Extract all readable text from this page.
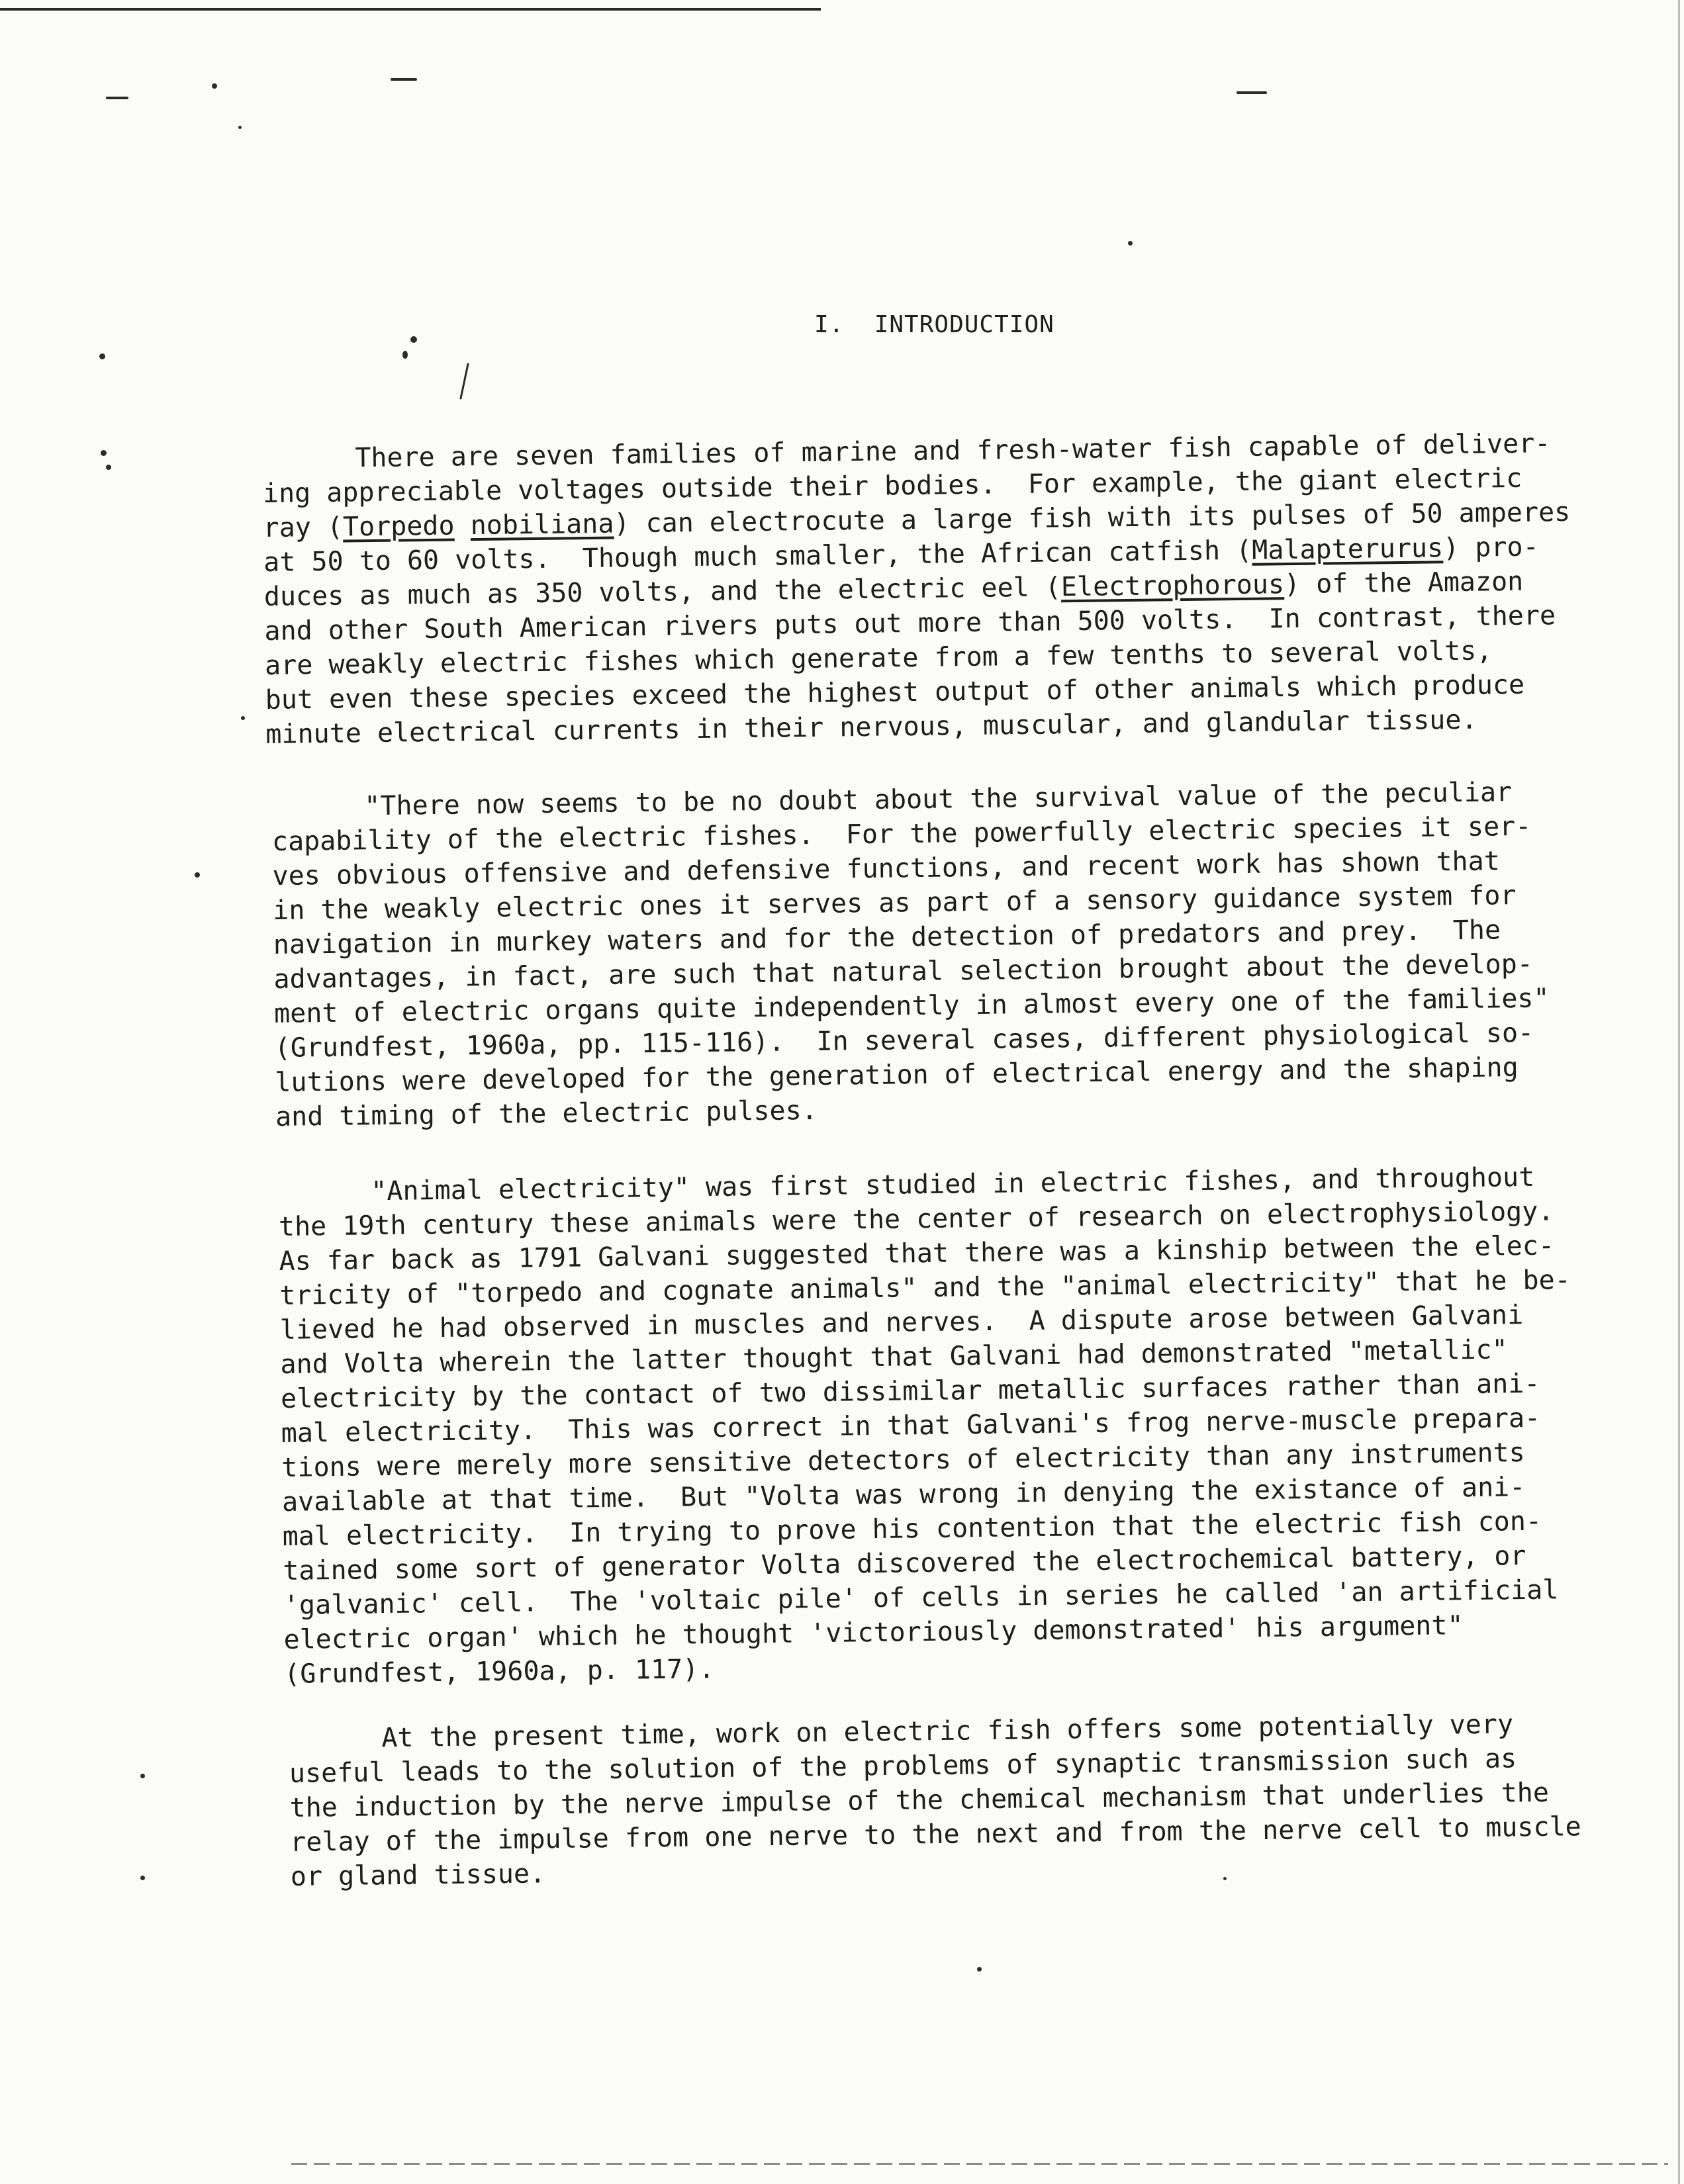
I.  INTRODUCTION
There are seven families of marine and fresh-water fish capable of deliver-
ing appreciable voltages outside their bodies.  For example, the giant electric
ray (Torpedo nobiliana) can electrocute a large fish with its pulses of 50 amperes
at 50 to 60 volts.  Though much smaller, the African catfish (Malapterurus) pro-
duces as much as 350 volts, and the electric eel (Electrophorous) of the Amazon
and other South American rivers puts out more than 500 volts.  In contrast, there
are weakly electric fishes which generate from a few tenths to several volts,
but even these species exceed the highest output of other animals which produce
minute electrical currents in their nervous, muscular, and glandular tissue.
"There now seems to be no doubt about the survival value of the peculiar
capability of the electric fishes.  For the powerfully electric species it ser-
ves obvious offensive and defensive functions, and recent work has shown that
in the weakly electric ones it serves as part of a sensory guidance system for
navigation in murkey waters and for the detection of predators and prey.  The
advantages, in fact, are such that natural selection brought about the develop-
ment of electric organs quite independently in almost every one of the families"
(Grundfest, 1960a, pp. 115-116).  In several cases, different physiological so-
lutions were developed for the generation of electrical energy and the shaping
and timing of the electric pulses.
"Animal electricity" was first studied in electric fishes, and throughout
the 19th century these animals were the center of research on electrophysiology.
As far back as 1791 Galvani suggested that there was a kinship between the elec-
tricity of "torpedo and cognate animals" and the "animal electricity" that he be-
lieved he had observed in muscles and nerves.  A dispute arose between Galvani
and Volta wherein the latter thought that Galvani had demonstrated "metallic"
electricity by the contact of two dissimilar metallic surfaces rather than ani-
mal electricity.  This was correct in that Galvani's frog nerve-muscle prepara-
tions were merely more sensitive detectors of electricity than any instruments
available at that time.  But "Volta was wrong in denying the existance of ani-
mal electricity.  In trying to prove his contention that the electric fish con-
tained some sort of generator Volta discovered the electrochemical battery, or
'galvanic' cell.  The 'voltaic pile' of cells in series he called 'an artificial
electric organ' which he thought 'victoriously demonstrated' his argument"
(Grundfest, 1960a, p. 117).
At the present time, work on electric fish offers some potentially very
useful leads to the solution of the problems of synaptic transmission such as
the induction by the nerve impulse of the chemical mechanism that underlies the
relay of the impulse from one nerve to the next and from the nerve cell to muscle
or gland tissue.
